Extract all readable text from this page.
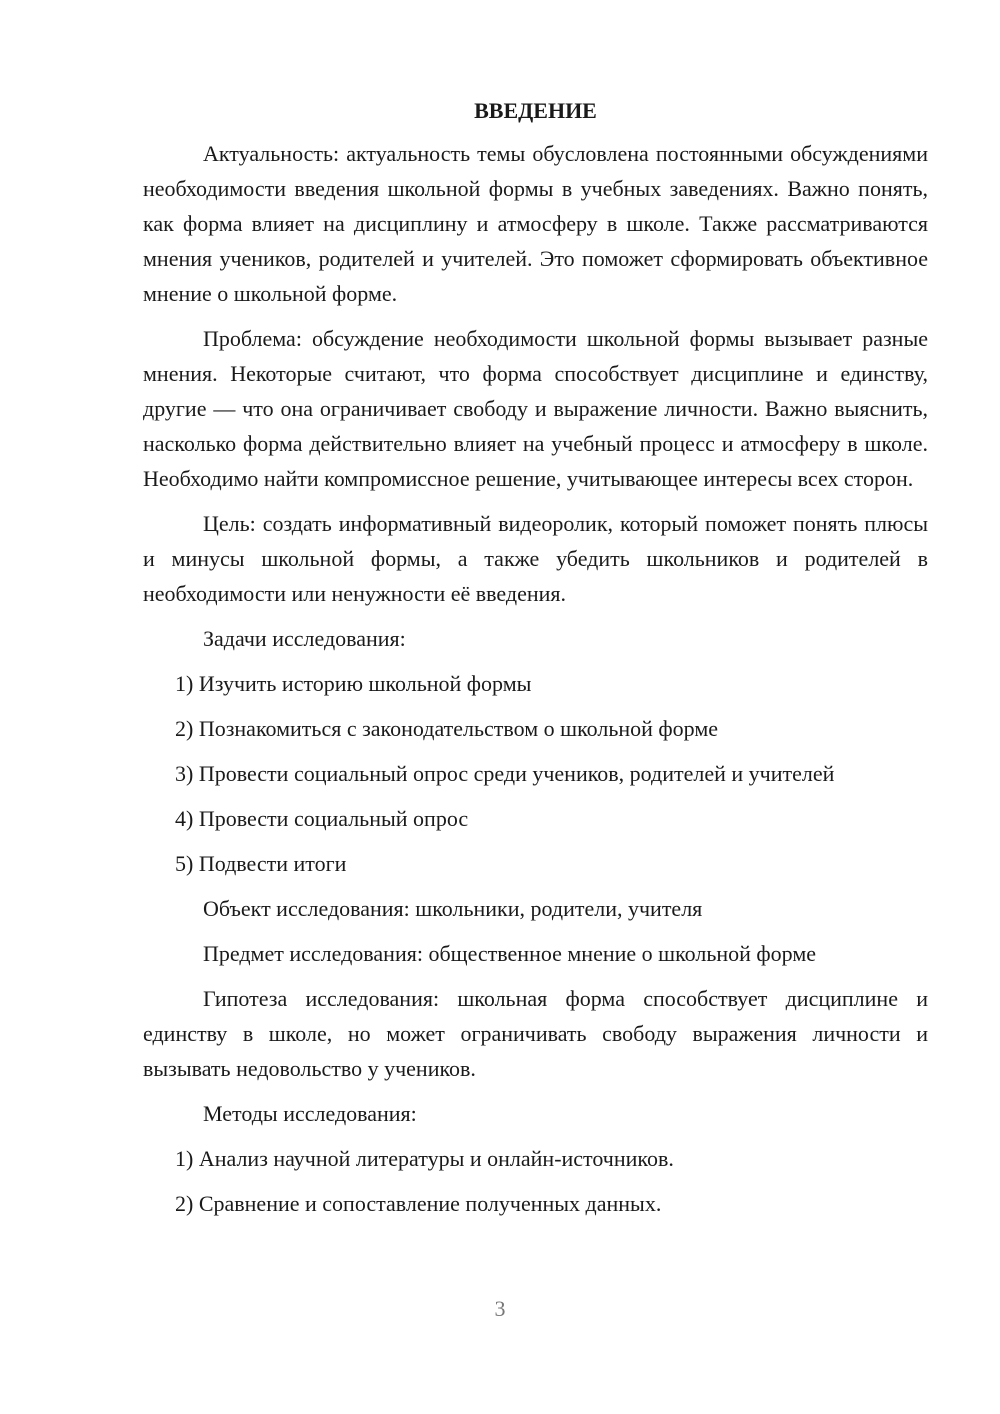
ВВЕДЕНИЕ
Актуальность: актуальность темы обусловлена постоянными обсуждениями необходимости введения школьной формы в учебных заведениях. Важно понять, как форма влияет на дисциплину и атмосферу в школе. Также рассматриваются мнения учеников, родителей и учителей. Это поможет сформировать объективное мнение о школьной форме.
Проблема: обсуждение необходимости школьной формы вызывает разные мнения. Некоторые считают, что форма способствует дисциплине и единству, другие — что она ограничивает свободу и выражение личности. Важно выяснить, насколько форма действительно влияет на учебный процесс и атмосферу в школе. Необходимо найти компромиссное решение, учитывающее интересы всех сторон.
Цель: создать информативный видеоролик, который поможет понять плюсы и минусы школьной формы, а также убедить школьников и родителей в необходимости или ненужности её введения.
Задачи исследования:
1) Изучить историю школьной формы
2) Познакомиться с законодательством о школьной форме
3) Провести социальный опрос среди учеников, родителей и учителей
4) Провести социальный опрос
5) Подвести итоги
Объект исследования: школьники, родители, учителя
Предмет исследования: общественное мнение о школьной форме
Гипотеза исследования: школьная форма способствует дисциплине и единству в школе, но может ограничивать свободу выражения личности и вызывать недовольство у учеников.
Методы исследования:
1) Анализ научной литературы и онлайн-источников.
2) Сравнение и сопоставление полученных данных.
3
